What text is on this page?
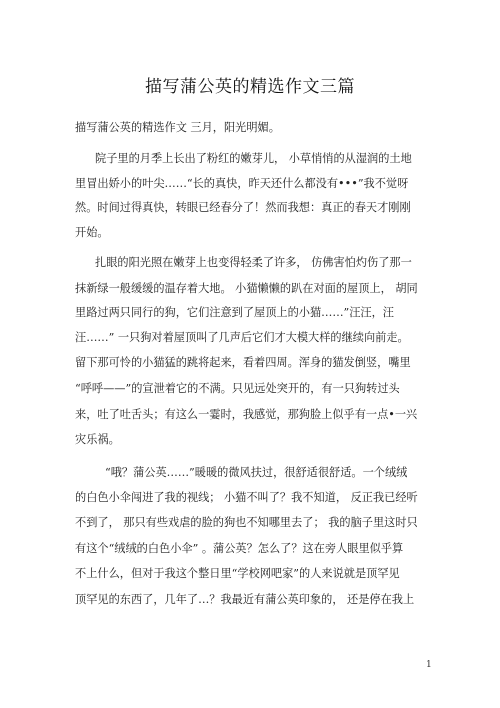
描写蒲公英的精选作文三篇
描写蒲公英的精选作文 三月，阳光明媚。
院子里的月季上长出了粉红的嫩芽儿， 小草悄悄的从湿润的土地
里冒出娇小的叶尖……“长的真快，昨天还什么都没有•••”我不觉呀
然。时间过得真快，转眼已经春分了！然而我想：真正的春天才刚刚
开始。
扎眼的阳光照在嫩芽上也变得轻柔了许多， 仿佛害怕灼伤了那一
抹新绿一般缓缓的温存着大地。 小猫懒懒的趴在对面的屋顶上， 胡同
里路过两只同行的狗，它们注意到了屋顶上的小猫……”汪汪，汪
汪……” 一只狗对着屋顶叫了几声后它们才大模大样的继续向前走。
留下那可怜的小猫猛的跳将起来，看着四周。浑身的猫发倒竖，嘴里
“呼呼——”的宣泄着它的不满。只见远处突开的，有一只狗转过头
来，吐了吐舌头；有这么一霎时，我感觉，那狗脸上似乎有一点•一兴
灾乐祸。
“哦？蒲公英……”暖暖的微风扶过，很舒适很舒适。一个绒绒
的白色小伞闯进了我的视线； 小猫不叫了？我不知道， 反正我已经听
不到了， 那只有些戏虐的脸的狗也不知哪里去了； 我的脑子里这时只
有这个“绒绒的白色小伞” 。蒲公英？怎么了？这在旁人眼里似乎算
不上什么，但对于我这个整日里“学校网吧家”的人来说就是顶罕见
顶罕见的东西了，几年了…？我最近有蒲公英印象的， 还是停在我上
1
